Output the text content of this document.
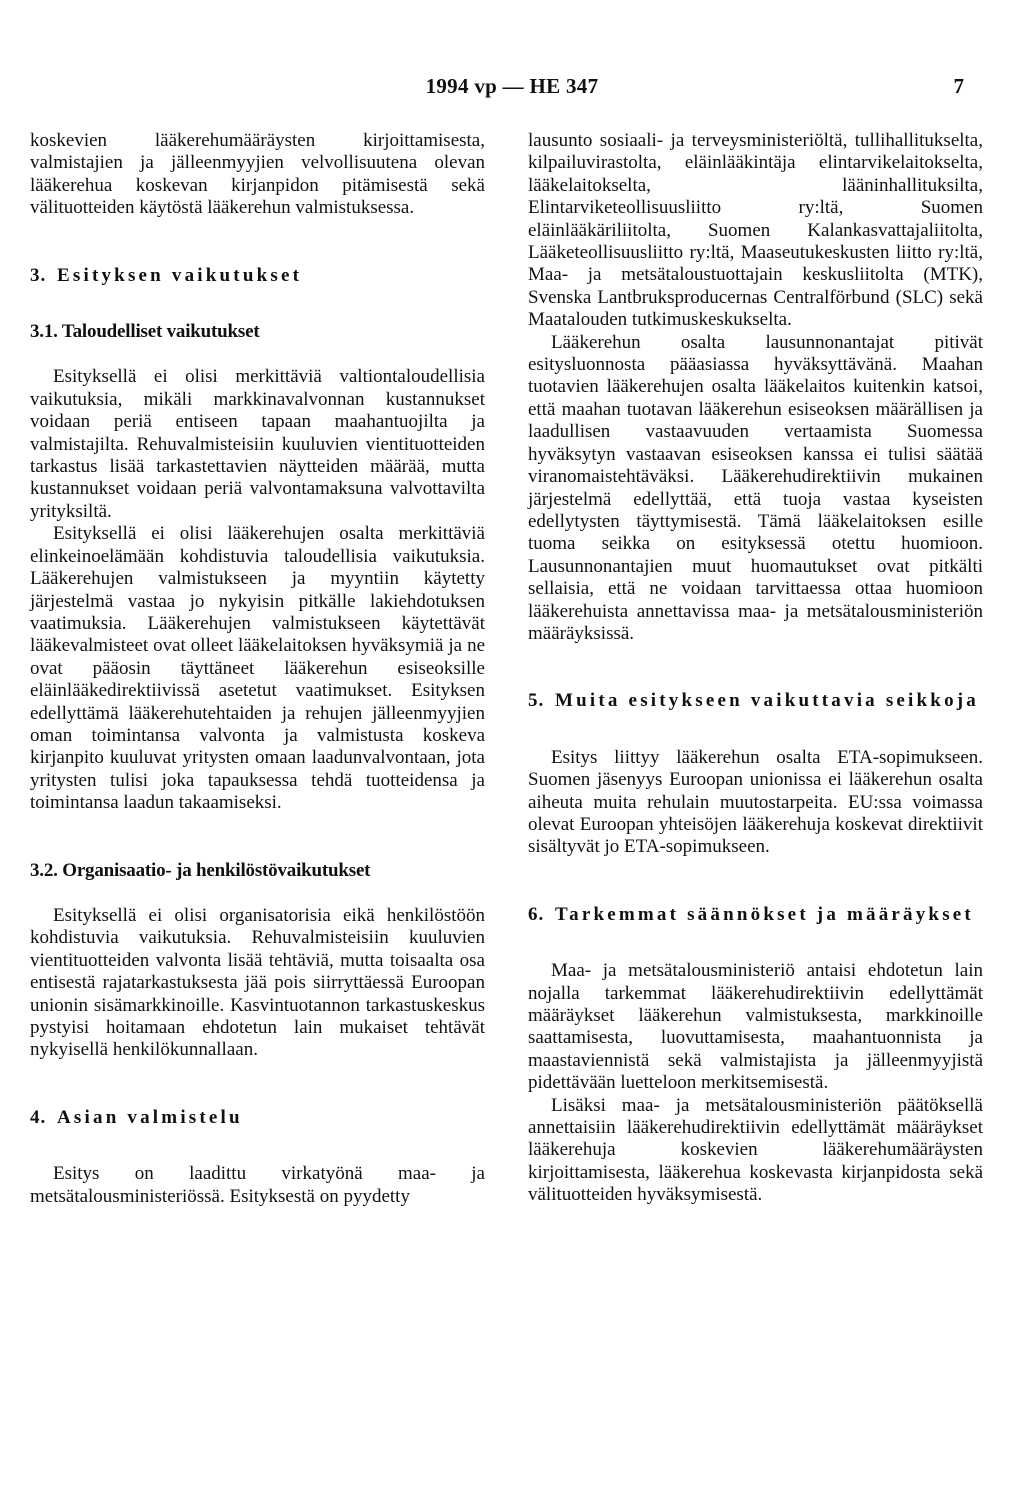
1994 vp — HE 347	7

koskevien lääkerehumääräysten kirjoittamisesta, valmistajien ja jälleenmyyjien velvollisuutena olevan lääkerehua koskevan kirjanpidon pitämisestä sekä välituotteiden käytöstä lääkerehun valmistuksessa.

3. Esityksen vaikutukset
3.1. Taloudelliset vaikutukset

Esityksellä ei olisi merkittäviä valtiontaloudellisia vaikutuksia, mikäli markkinavalvonnan kustannukset voidaan periä entiseen tapaan maahantuojilta ja valmistajilta. Rehuvalmisteisiin kuuluvien vientituotteiden tarkastus lisää tarkastettavien näytteiden määrää, mutta kustannukset voidaan periä valvontamaksuna valvottavilta yrityksiltä.

Esityksellä ei olisi lääkerehujen osalta merkittäviä elinkeinoelämään kohdistuvia taloudellisia vaikutuksia. Lääkerehujen valmistukseen ja myyntiin käytetty järjestelmä vastaa jo nykyisin pitkälle lakiehdotuksen vaatimuksia. Lääkerehujen valmistukseen käytettävät lääkevalmisteet ovat olleet lääkelaitoksen hyväksymiä ja ne ovat pääosin täyttäneet lääkerehun esiseoksille eläinlääkedirektiivissä asetetut vaatimukset. Esityksen edellyttämä lääkerehutehtaiden ja rehujen jälleenmyyjien oman toimintansa valvonta ja valmistusta koskeva kirjanpito kuuluvat yritysten omaan laadunvalvontaan, jota yritysten tulisi joka tapauksessa tehdä tuotteidensa ja toimintansa laadun takaamiseksi.

3.2. Organisaatio- ja henkilöstövaikutukset

Esityksellä ei olisi organisatorisia eikä henkilöstöön kohdistuvia vaikutuksia. Rehuvalmisteisiin kuuluvien vientituotteiden valvonta lisää tehtäviä, mutta toisaalta osa entisestä rajatarkastuksesta jää pois siirryttäessä Euroopan unionin sisämarkkinoille. Kasvintuotannon tarkastuskeskus pystyisi hoitamaan ehdotetun lain mukaiset tehtävät nykyisellä henkilökunnallaan.

4. Asian valmistelu

Esitys on laadittu virkatyönä maa- ja metsätalousministeriössä. Esityksestä on pyydetty

lausunto sosiaali- ja terveysministeriöltä, tullihallitukselta, kilpailuvirastolta, eläinlääkintäja elintarvikelaitokselta, lääkelaitokselta, lääninhallituksilta, Elintarviketeollisuusliitto ry:ltä, Suomen eläinlääkäriliitolta, Suomen Kalankasvattajaliitolta, Lääketeollisuusliitto ry:ltä, Maaseutukeskusten liitto ry:ltä, Maa- ja metsätaloustuottajain keskusliitolta (MTK), Svenska Lantbruksproducernas Centralförbund (SLC) sekä Maatalouden tutkimuskeskukselta.

Lääkerehun osalta lausunnonantajat pitivät esitysluonnosta pääasiassa hyväksyttävänä. Maahan tuotavien lääkerehujen osalta lääkelaitos kuitenkin katsoi, että maahan tuotavan lääkerehun esiseoksen määrällisen ja laadullisen vastaavuuden vertaamista Suomessa hyväksytyn vastaavan esiseoksen kanssa ei tulisi säätää viranomaistehtäväksi. Lääkerehudirektiivin mukainen järjestelmä edellyttää, että tuoja vastaa kyseisten edellytysten täyttymisestä. Tämä lääkelaitoksen esille tuoma seikka on esityksessä otettu huomioon. Lausunnonantajien muut huomautukset ovat pitkälti sellaisia, että ne voidaan tarvittaessa ottaa huomioon lääkerehuista annettavissa maa- ja metsätalousministeriön määräyksissä.

5. Muita esitykseen vaikuttavia seikkoja

Esitys liittyy lääkerehun osalta ETA-sopimukseen. Suomen jäsenyys Euroopan unionissa ei lääkerehun osalta aiheuta muita rehulain muutostarpeita. EU:ssa voimassa olevat Euroopan yhteisöjen lääkerehuja koskevat direktiivit sisältyvät jo ETA-sopimukseen.

6. Tarkemmat säännökset ja määräykset

Maa- ja metsätalousministeriö antaisi ehdotetun lain nojalla tarkemmat lääkerehudirektiivin edellyttämät määräykset lääkerehun valmistuksesta, markkinoille saattamisesta, luovuttamisesta, maahantuonnista ja maastaviennistä sekä valmistajista ja jälleenmyyjistä pidettävään luetteloon merkitsemisestä.

Lisäksi maa- ja metsätalousministeriön päätöksellä annettaisiin lääkerehudirektiivin edellyttämät määräykset lääkerehuja koskevien lääkerehumääräysten kirjoittamisesta, lääkerehua koskevasta kirjanpidosta sekä välituotteiden hyväksymisestä.
